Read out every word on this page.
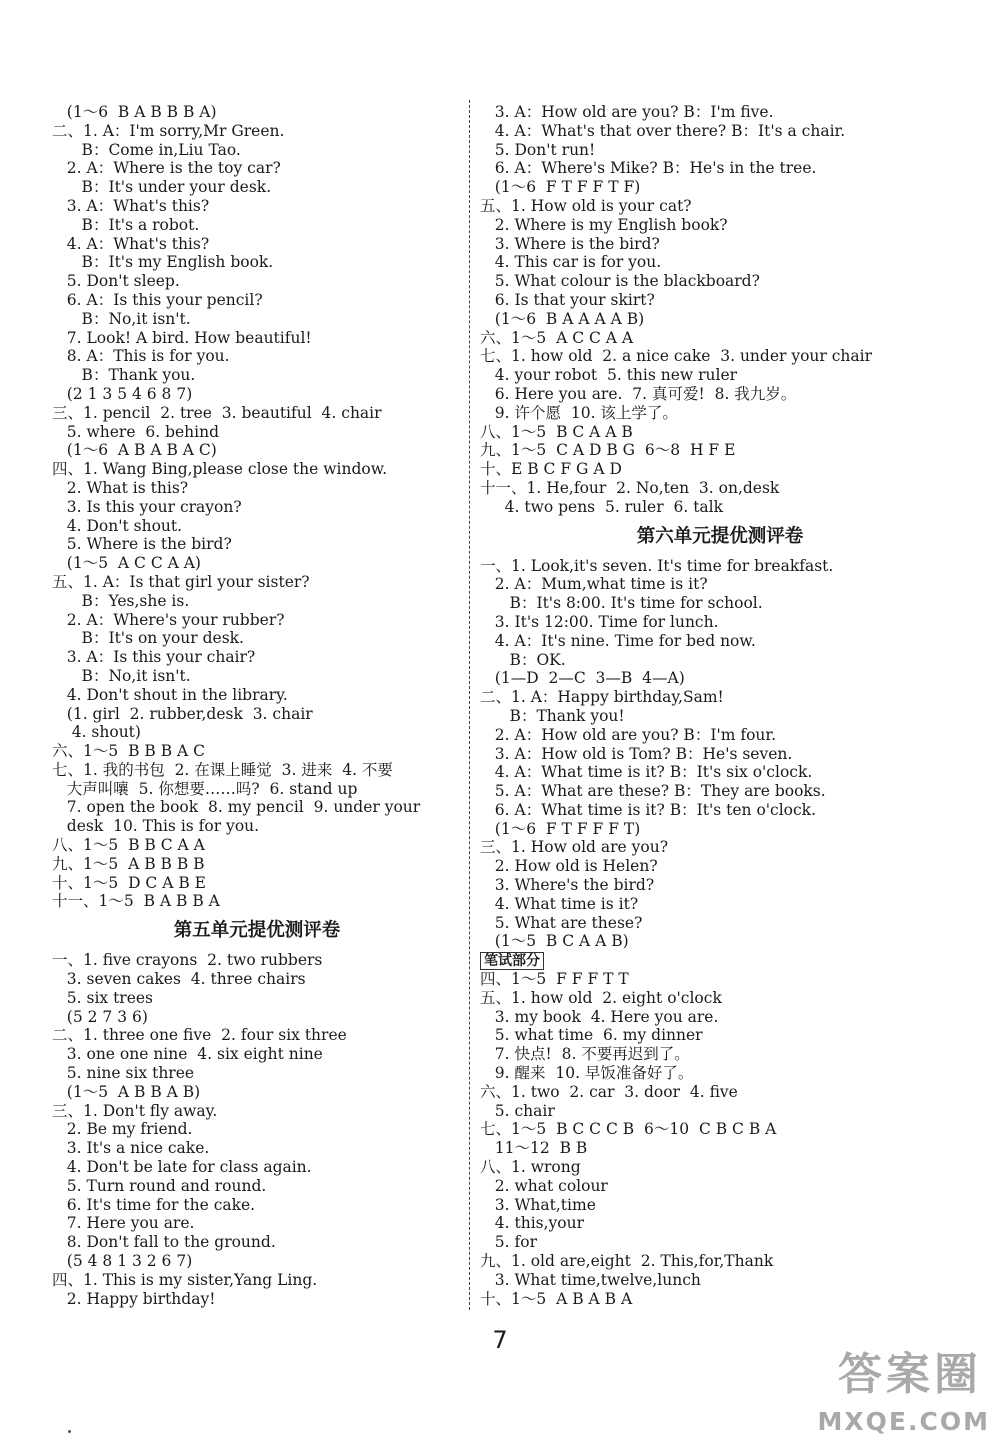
(1～6  B A B B B A)
二、1. A：I'm sorry,Mr Green.
B：Come in,Liu Tao.
2. A：Where is the toy car?
B：It's under your desk.
3. A：What's this?
B：It's a robot.
4. A：What's this?
B：It's my English book.
5. Don't sleep.
6. A：Is this your pencil?
B：No,it isn't.
7. Look! A bird. How beautiful!
8. A：This is for you.
B：Thank you.
(2 1 3 5 4 6 8 7)
三、1. pencil  2. tree  3. beautiful  4. chair
5. where  6. behind
(1～6  A B A B A C)
四、1. Wang Bing,please close the window.
2. What is this?
3. Is this your crayon?
4. Don't shout.
5. Where is the bird?
(1～5  A C C A A)
五、1. A：Is that girl your sister?
B：Yes,she is.
2. A：Where's your rubber?
B：It's on your desk.
3. A：Is this your chair?
B：No,it isn't.
4. Don't shout in the library.
(1. girl  2. rubber,desk  3. chair
4. shout)
六、1～5  B B B A C
七、1. 我的书包  2. 在课上睡觉  3. 进来  4. 不要
大声叫嚷  5. 你想要……吗?  6. stand up
7. open the book  8. my pencil  9. under your
desk  10. This is for you.
八、1～5  B B C A A
九、1～5  A B B B B
十、1～5  D C A B E
十一、1～5  B A B B A
第五单元提优测评卷
一、1. five crayons  2. two rubbers
3. seven cakes  4. three chairs
5. six trees
(5 2 7 3 6)
二、1. three one five  2. four six three
3. one one nine  4. six eight nine
5. nine six three
(1～5  A B B A B)
三、1. Don't fly away.
2. Be my friend.
3. It's a nice cake.
4. Don't be late for class again.
5. Turn round and round.
6. It's time for the cake.
7. Here you are.
8. Don't fall to the ground.
(5 4 8 1 3 2 6 7)
四、1. This is my sister,Yang Ling.
2. Happy birthday!
3. A：How old are you? B：I'm five.
4. A：What's that over there? B：It's a chair.
5. Don't run!
6. A：Where's Mike? B：He's in the tree.
(1～6  F T F F T F)
五、1. How old is your cat?
2. Where is my English book?
3. Where is the bird?
4. This car is for you.
5. What colour is the blackboard?
6. Is that your skirt?
(1～6  B A A A A B)
六、1～5  A C C A A
七、1. how old  2. a nice cake  3. under your chair
4. your robot  5. this new ruler
6. Here you are.  7. 真可爱!  8. 我九岁。
9. 许个愿  10. 该上学了。
八、1～5  B C A A B
九、1～5  C A D B G  6～8  H F E
十、E B C F G A D
十一、1. He,four  2. No,ten  3. on,desk
4. two pens  5. ruler  6. talk
第六单元提优测评卷
一、1. Look,it's seven. It's time for breakfast.
2. A：Mum,what time is it?
B：It's 8:00. It's time for school.
3. It's 12:00. Time for lunch.
4. A：It's nine. Time for bed now.
B：OK.
(1—D  2—C  3—B  4—A)
二、1. A：Happy birthday,Sam!
B：Thank you!
2. A：How old are you? B：I'm four.
3. A：How old is Tom? B：He's seven.
4. A：What time is it? B：It's six o'clock.
5. A：What are these? B：They are books.
6. A：What time is it? B：It's ten o'clock.
(1～6  F T F F F T)
三、1. How old are you?
2. How old is Helen?
3. Where's the bird?
4. What time is it?
5. What are these?
(1～5  B C A A B)
笔试部分
四、1～5  F F F T T
五、1. how old  2. eight o'clock
3. my book  4. Here you are.
5. what time  6. my dinner
7. 快点!  8. 不要再迟到了。
9. 醒来  10. 早饭准备好了。
六、1. two  2. car  3. door  4. five
5. chair
七、1～5  B C C C B  6～10  C B C B A
11～12  B B
八、1. wrong
2. what colour
3. What,time
4. this,your
5. for
九、1. old are,eight  2. This,for,Thank
3. What time,twelve,lunch
十、1～5  A B A B A
7
答案圈
MXQE.COM
